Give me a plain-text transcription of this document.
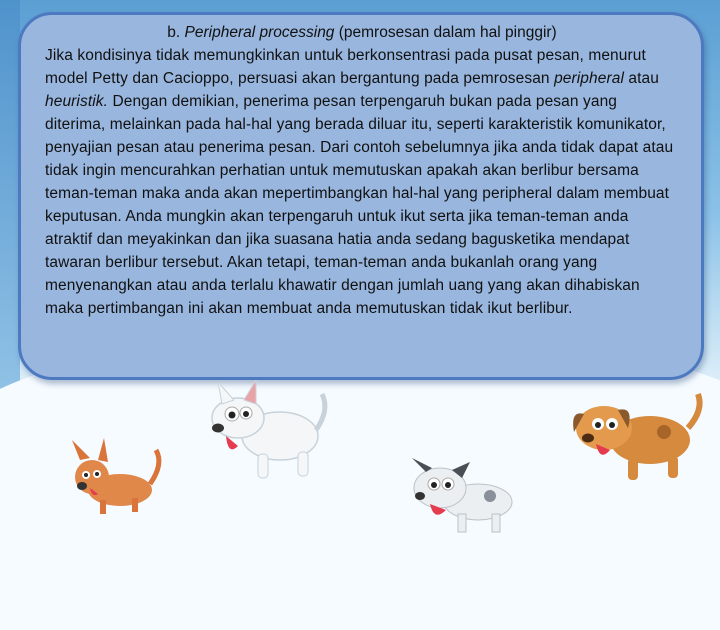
b. Peripheral processing (pemrosesan dalam hal pinggir)

Jika kondisinya tidak memungkinkan untuk berkonsentrasi pada pusat pesan, menurut model Petty dan Cacioppo, persuasi akan bergantung pada pemrosesan peripheral atau heuristik. Dengan demikian, penerima pesan terpengaruh bukan pada pesan yang diterima, melainkan pada hal-hal yang berada diluar itu, seperti karakteristik komunikator, penyajian pesan atau penerima pesan. Dari contoh sebelumnya jika anda tidak dapat atau tidak ingin mencurahkan perhatian untuk memutuskan apakah akan berlibur bersama teman-teman maka anda akan mepertimbangkan hal-hal yang peripheral dalam membuat keputusan. Anda mungkin akan terpengaruh untuk ikut serta jika teman-teman anda atraktif dan meyakinkan dan jika suasana hatia anda sedang bagusketika mendapat tawaran berlibur tersebut. Akan tetapi, teman-teman anda bukanlah orang yang menyenangkan atau anda terlalu khawatir dengan jumlah uang yang akan dihabiskan maka pertimbangan ini akan membuat anda memutuskan tidak ikut berlibur.
